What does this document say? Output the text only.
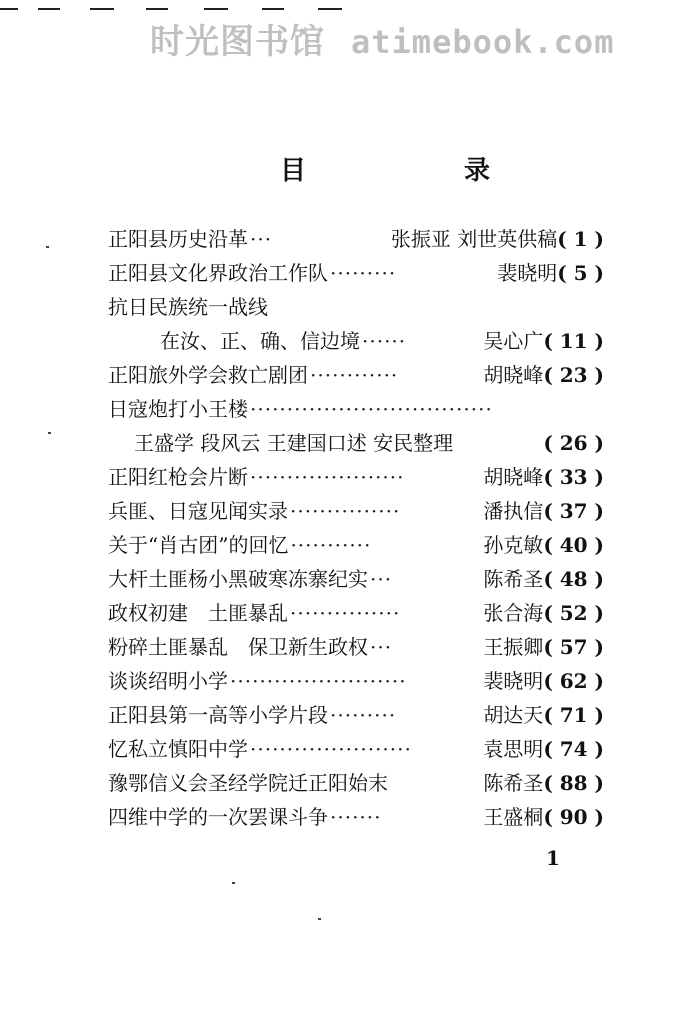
时光图书馆 atimebook.com
目	录
正阳县历史沿革 ···	张振亚 刘世英供稿 ( 1 )
正阳县文化界政治工作队 ·········	裴晓明 ( 5 )
抗日民族统一战线
在汝、正、确、信边境 ······	吴心广 ( 11 )
正阳旅外学会救亡剧团 ············	胡晓峰 ( 23 )
日寇炮打小王楼 ·································
王盛学 段风云 王建国口述 安民整理	( 26 )
正阳红枪会片断 ·····················	胡晓峰 ( 33 )
兵匪、日寇见闻实录 ···············	潘执信 ( 37 )
关于“肖古团”的回忆 ···········	孙克敏 ( 40 )
大杆土匪杨小黑破寒冻寨纪实 ···	陈希圣 ( 48 )
政权初建　土匪暴乱 ···············	张合海 ( 52 )
粉碎土匪暴乱　保卫新生政权 ···	王振卿 ( 57 )
谈谈绍明小学 ························	裴晓明 ( 62 )
正阳县第一高等小学片段 ·········	胡达天 ( 71 )
忆私立慎阳中学 ······················	袁思明 ( 74 )
豫鄂信义会圣经学院迁正阳始末	陈希圣 ( 88 )
四维中学的一次罢课斗争 ·······	王盛桐 ( 90 )
1
